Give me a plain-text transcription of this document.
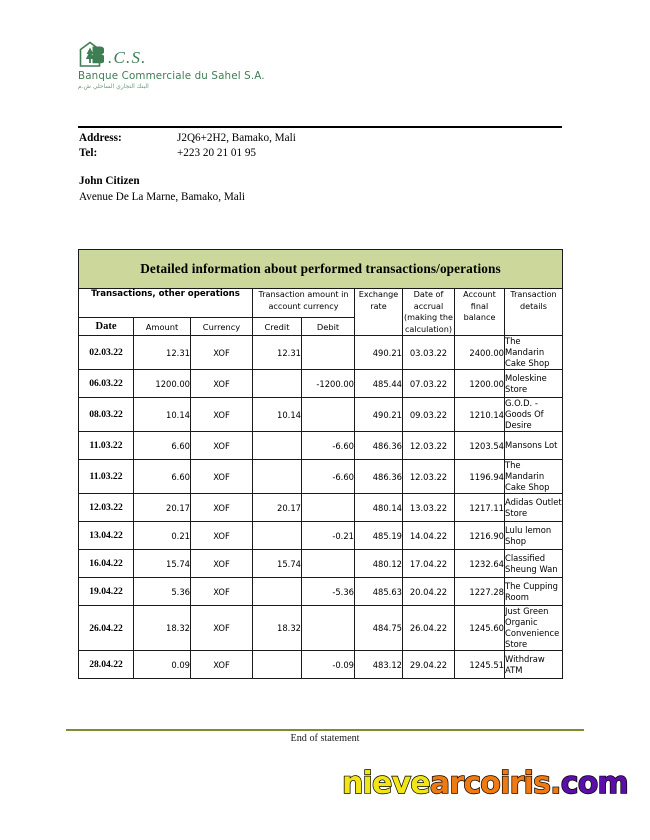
.C.S.
Banque Commerciale du Sahel S.A.
البنك التجاري الساحلي ش.م
Address:	J2Q6+2H2, Bamako, Mali
Tel:	+223 20 21 01 95
John Citizen
Avenue De La Marne, Bamako, Mali
Detailed information about performed transactions/operations								
Transactions, other operations			Transaction amount in account currency		Exchange rate	Date of accrual (making the calculation)	Account final balance	Transaction details
Date	Amount	Currency	Credit	Debit				
02.03.22	12.31	XOF	12.31		490.21	03.03.22	2400.00	The Mandarin Cake Shop
06.03.22	1200.00	XOF		-1200.00	485.44	07.03.22	1200.00	Moleskine Store
08.03.22	10.14	XOF	10.14		490.21	09.03.22	1210.14	G.O.D. - Goods Of Desire
11.03.22	6.60	XOF		-6.60	486.36	12.03.22	1203.54	Mansons Lot
11.03.22	6.60	XOF		-6.60	486.36	12.03.22	1196.94	The Mandarin Cake Shop
12.03.22	20.17	XOF	20.17		480.14	13.03.22	1217.11	Adidas Outlet Store
13.04.22	0.21	XOF		-0.21	485.19	14.04.22	1216.90	Lulu lemon Shop
16.04.22	15.74	XOF	15.74		480.12	17.04.22	1232.64	Classified Sheung Wan
19.04.22	5.36	XOF		-5.36	485.63	20.04.22	1227.28	The Cupping Room
26.04.22	18.32	XOF	18.32		484.75	26.04.22	1245.60	Just Green Organic Convenience Store
28.04.22	0.09	XOF		-0.09	483.12	29.04.22	1245.51	Withdraw ATM
End of statement
nievearcoiris.com
